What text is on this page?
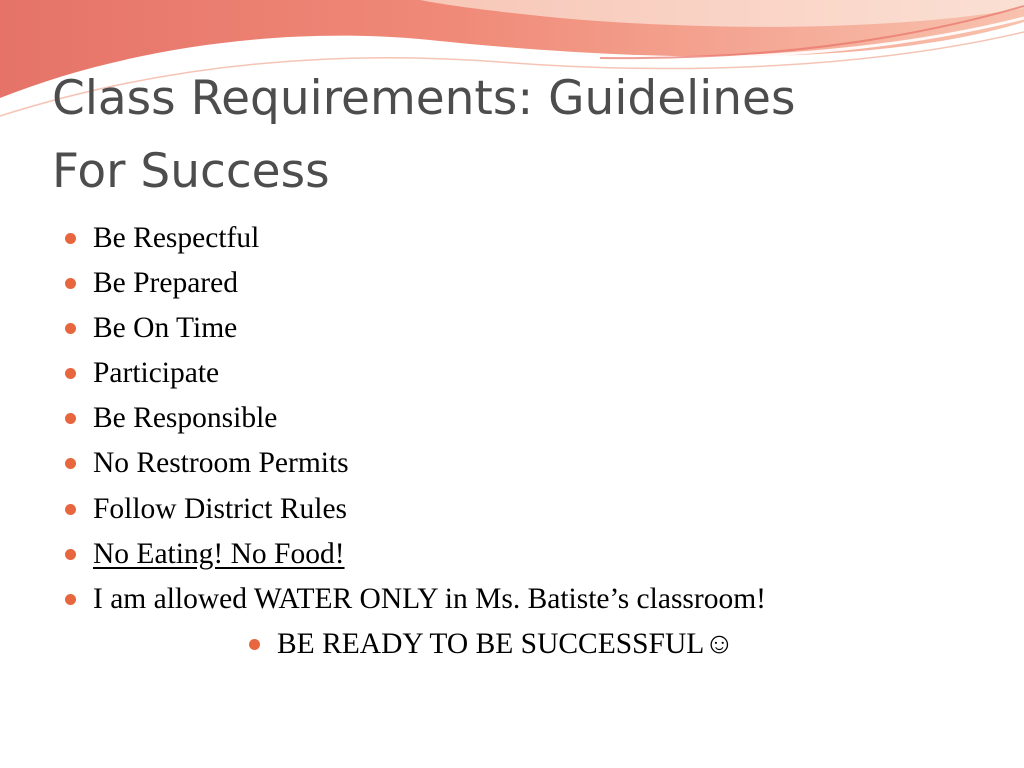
Class Requirements: Guidelines
For Success
Be Respectful
Be Prepared
Be On Time
Participate
Be Responsible
No Restroom Permits
Follow District Rules
No Eating! No Food!
I am allowed WATER ONLY in Ms. Batiste’s classroom!
BE READY TO BE SUCCESSFUL☺
